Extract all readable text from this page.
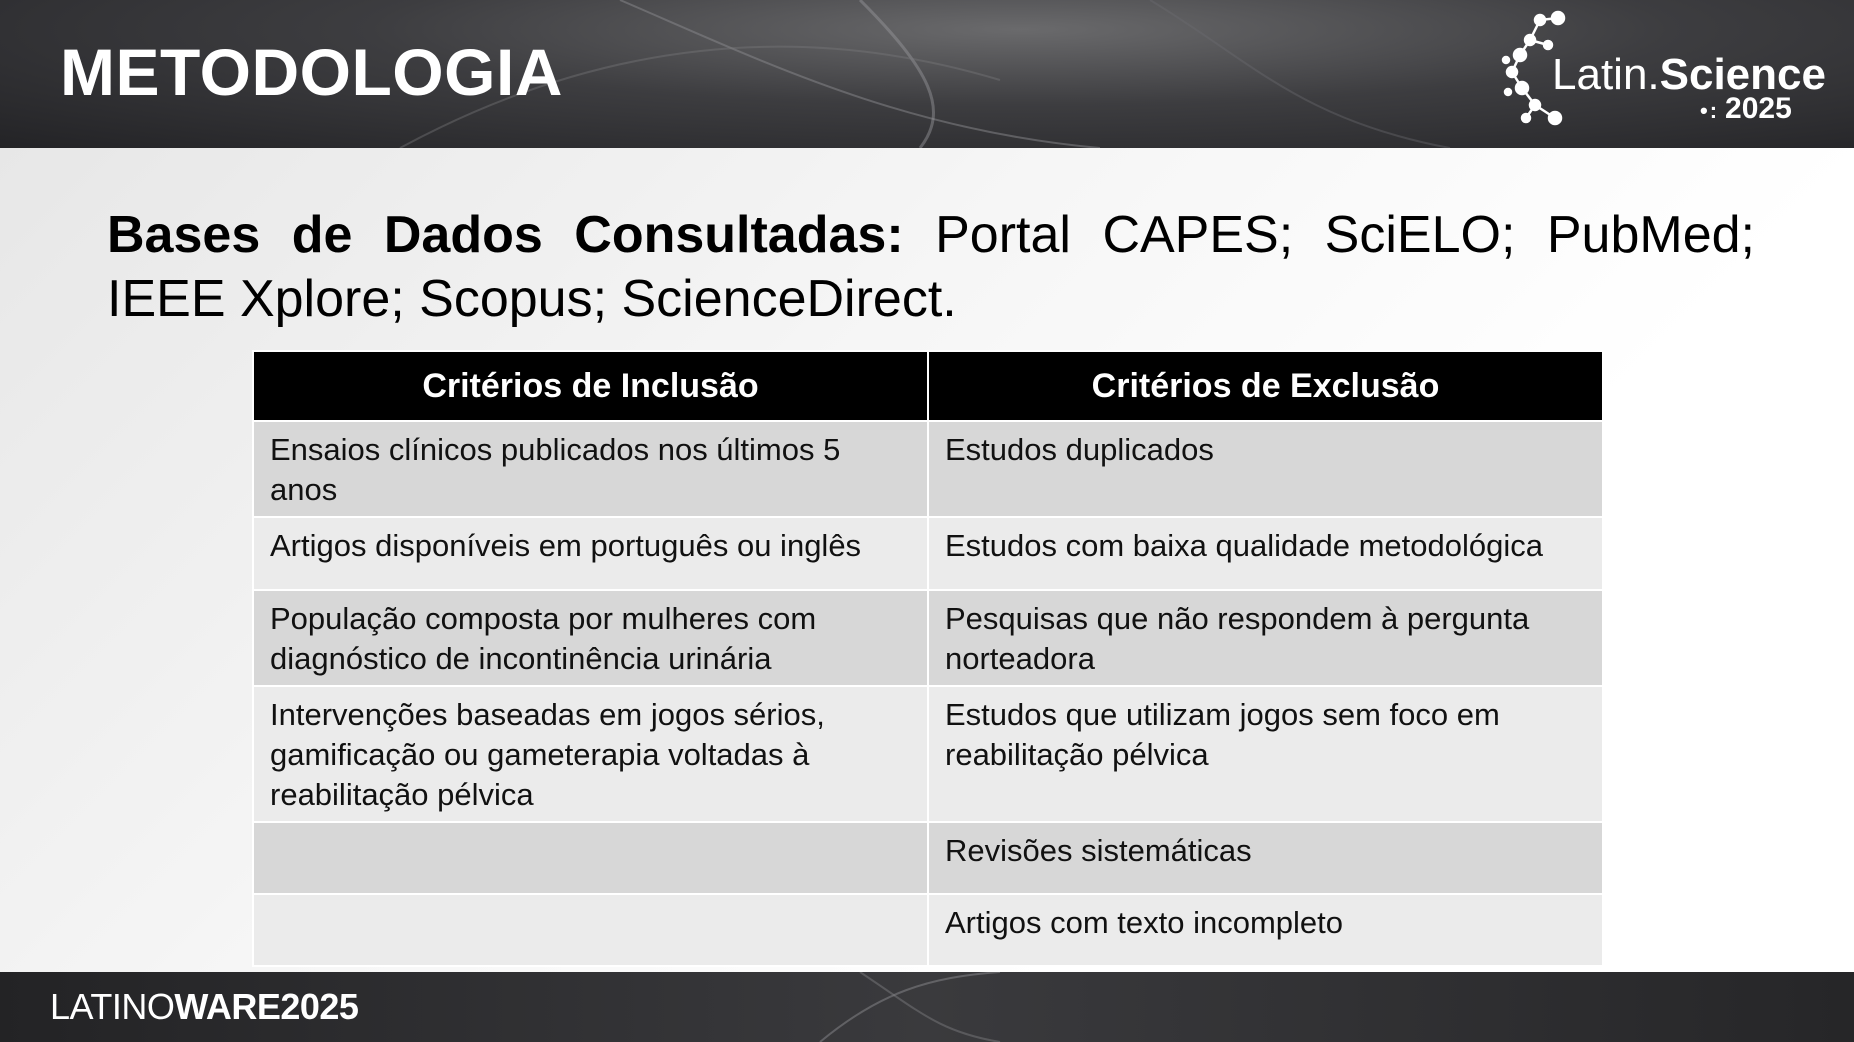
METODOLOGIA	Latin.Science
•: 2025

Bases de Dados Consultadas: Portal CAPES; SciELO; PubMed; IEEE Xplore; Scopus; ScienceDirect.

Critérios de Inclusão	Critérios de Exclusão
Ensaios clínicos publicados nos últimos 5 anos	Estudos duplicados
Artigos disponíveis em português ou inglês	Estudos com baixa qualidade metodológica
População composta por mulheres com diagnóstico de incontinência urinária	Pesquisas que não respondem à pergunta norteadora
Intervenções baseadas em jogos sérios, gamificação ou gameterapia voltadas à reabilitação pélvica	Estudos que utilizam jogos sem foco em reabilitação pélvica
	Revisões sistemáticas
	Artigos com texto incompleto
LATINOWARE2025
